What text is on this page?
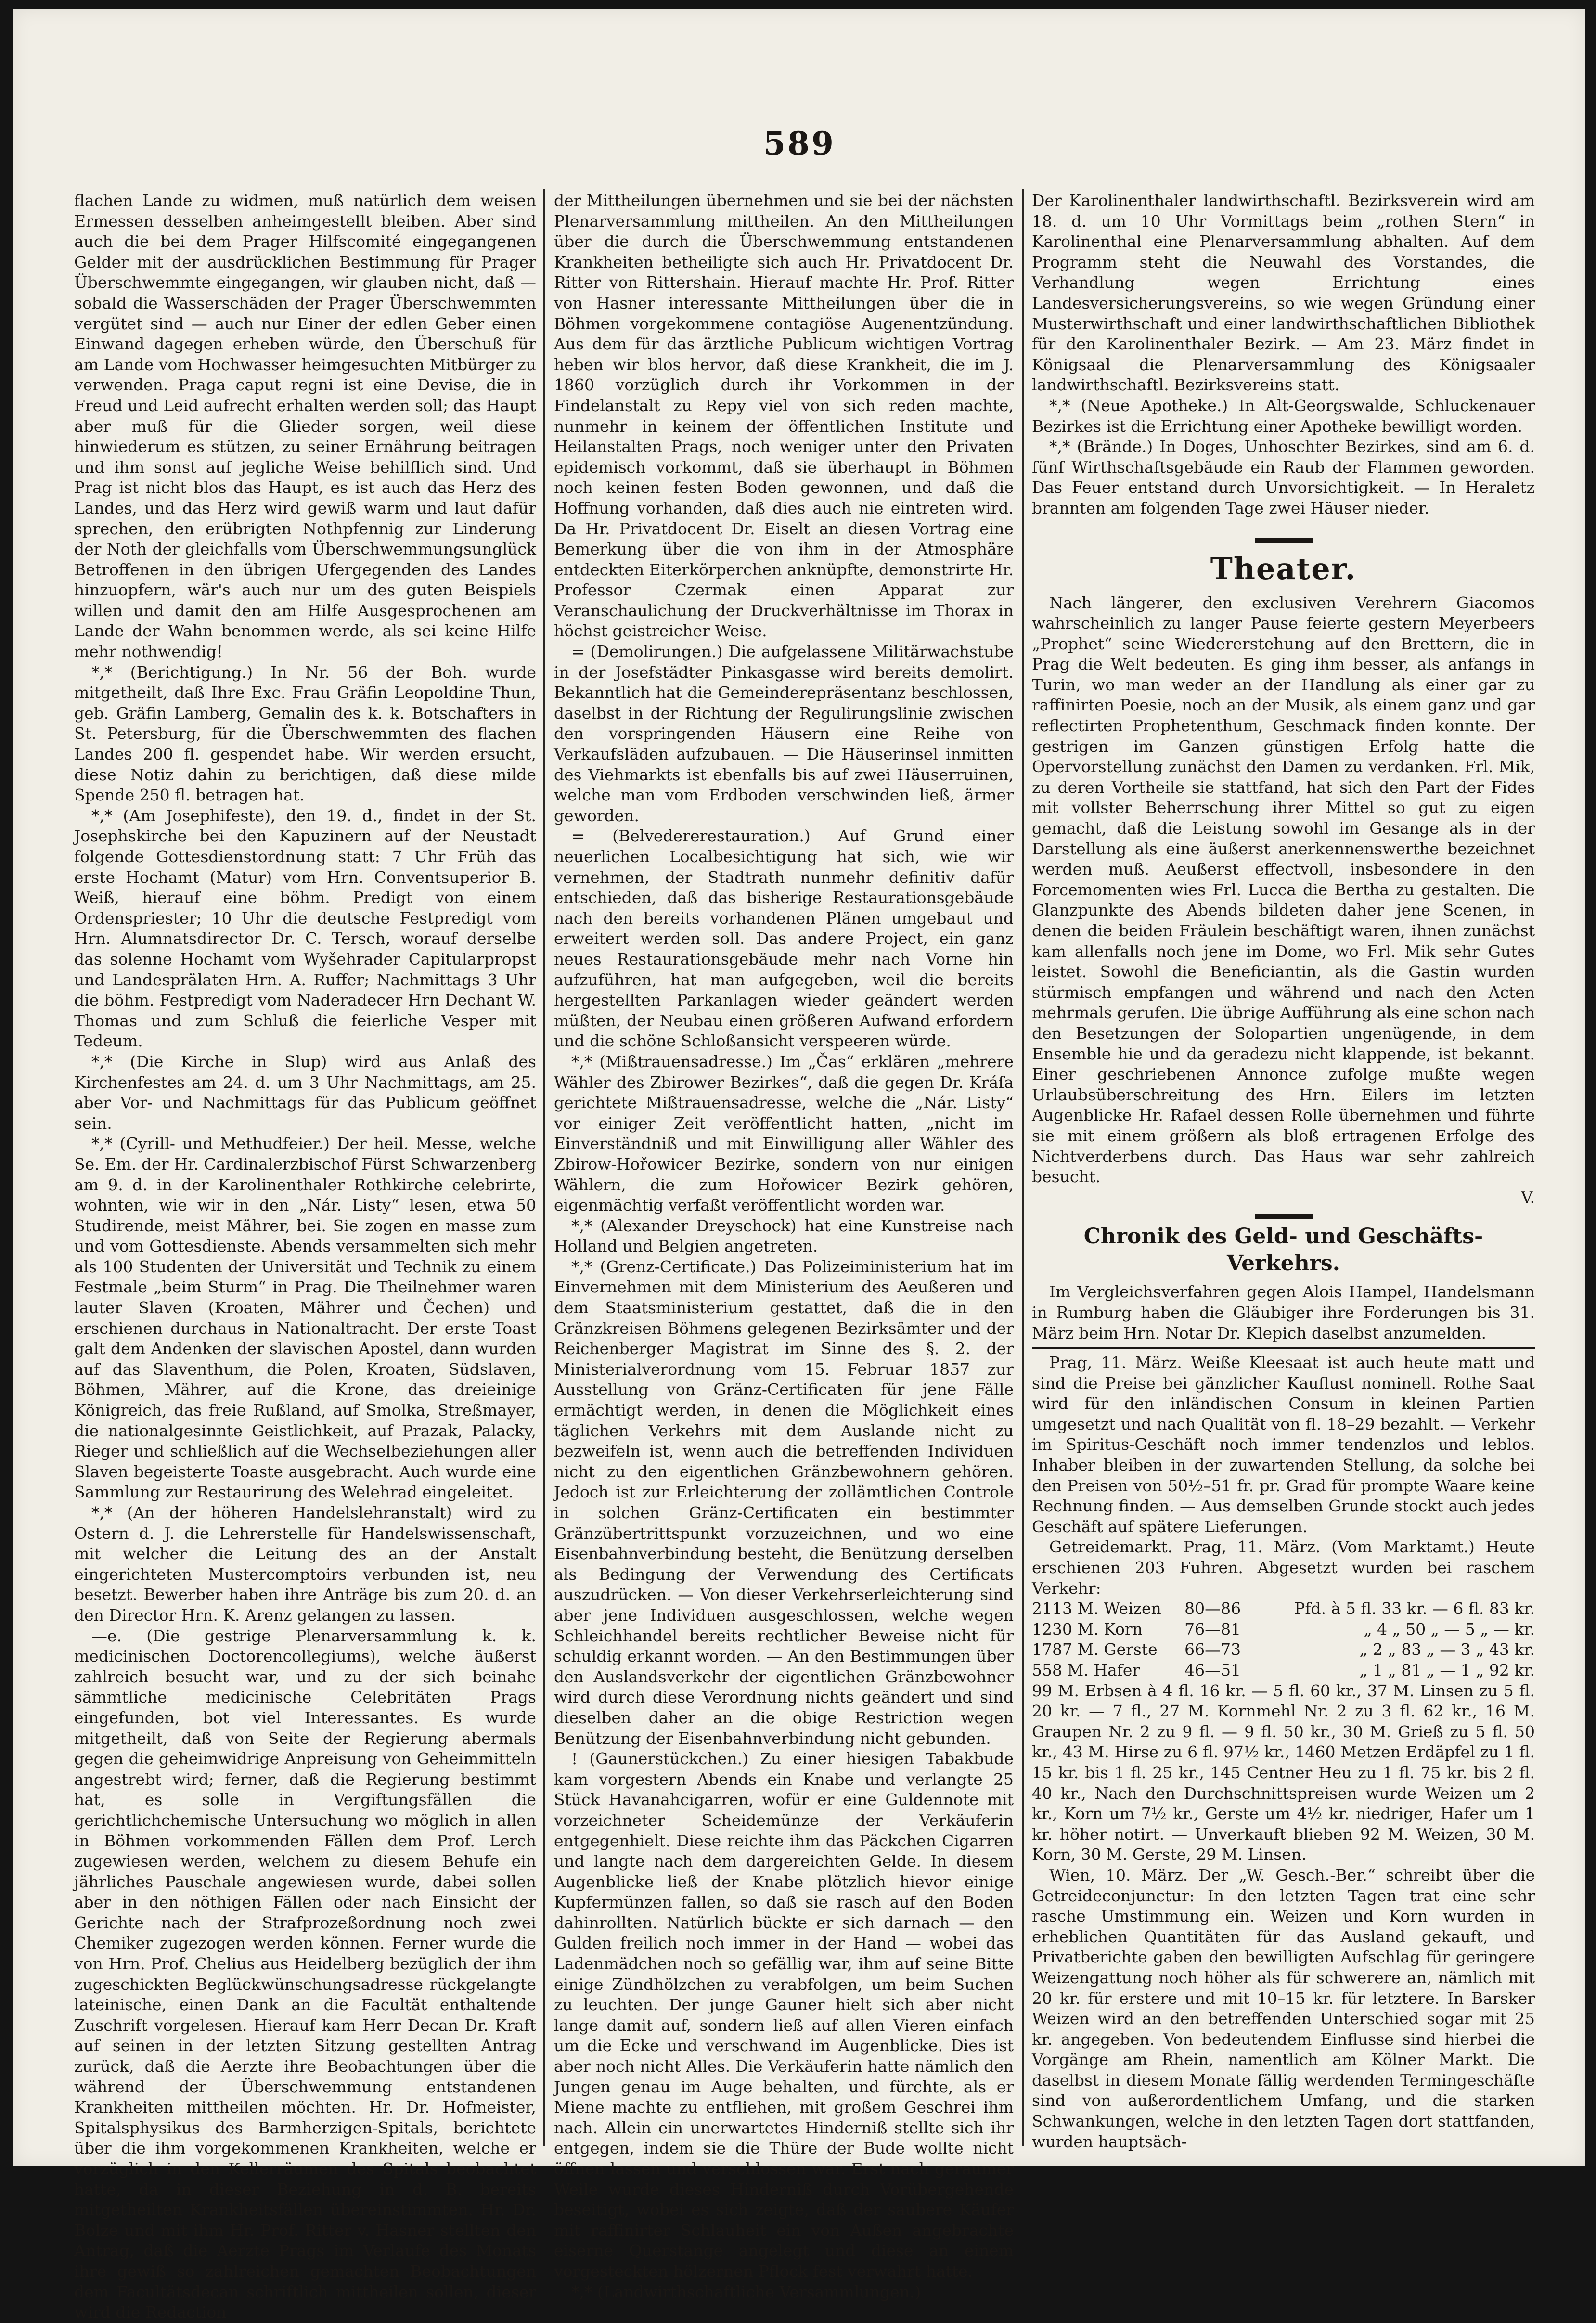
589

flachen Lande zu widmen, muß natürlich dem weisen Ermessen desselben anheimgestellt bleiben. Aber sind auch die bei dem Prager Hilfscomité eingegangenen Gelder mit der ausdrücklichen Bestimmung für Prager Überschwemmte eingegangen, wir glauben nicht, daß — sobald die Wasserschäden der Prager Überschwemmten vergütet sind — auch nur Einer der edlen Geber einen Einwand dagegen erheben würde, den Überschuß für am Lande vom Hochwasser heimgesuchten Mitbürger zu verwenden. Praga caput regni ist eine Devise, die in Freud und Leid aufrecht erhalten werden soll; das Haupt aber muß für die Glieder sorgen, weil diese hinwiederum es stützen, zu seiner Ernährung beitragen und ihm sonst auf jegliche Weise behilflich sind. Und Prag ist nicht blos das Haupt, es ist auch das Herz des Landes, und das Herz wird gewiß warm und laut dafür sprechen, den erübrigten Nothpfennig zur Linderung der Noth der gleichfalls vom Überschwemmungsunglück Betroffenen in den übrigen Ufergegenden des Landes hinzuopfern, wär's auch nur um des guten Beispiels willen und damit den am Hilfe Ausgesprochenen am Lande der Wahn benommen werde, als sei keine Hilfe mehr nothwendig!

*,* (Berichtigung.) In Nr. 56 der Boh. wurde mitgetheilt, daß Ihre Exc. Frau Gräfin Leopoldine Thun, geb. Gräfin Lamberg, Gemalin des k. k. Botschafters in St. Petersburg, für die Überschwemmten des flachen Landes 200 fl. gespendet habe. Wir werden ersucht, diese Notiz dahin zu berichtigen, daß diese milde Spende 250 fl. betragen hat.

*,* (Am Josephifeste), den 19. d., findet in der St. Josephskirche bei den Kapuzinern auf der Neustadt folgende Gottesdienstordnung statt: 7 Uhr Früh das erste Hochamt (Matur) vom Hrn. Conventsuperior B. Weiß, hierauf eine böhm. Predigt von einem Ordenspriester; 10 Uhr die deutsche Festpredigt vom Hrn. Alumnatsdirector Dr. C. Tersch, worauf derselbe das solenne Hochamt vom Wyšehrader Capitularpropst und Landesprälaten Hrn. A. Ruffer; Nachmittags 3 Uhr die böhm. Festpredigt vom Naderadecer Hrn Dechant W. Thomas und zum Schluß die feierliche Vesper mit Tedeum.

*,* (Die Kirche in Slup) wird aus Anlaß des Kirchenfestes am 24. d. um 3 Uhr Nachmittags, am 25. aber Vor- und Nachmittags für das Publicum geöffnet sein.

*,* (Cyrill- und Methudfeier.) Der heil. Messe, welche Se. Em. der Hr. Cardinalerzbischof Fürst Schwarzenberg am 9. d. in der Karolinenthaler Rothkirche celebrirte, wohnten, wie wir in den „Nár. Listy“ lesen, etwa 50 Studirende, meist Mährer, bei. Sie zogen en masse zum und vom Gottesdienste. Abends versammelten sich mehr als 100 Studenten der Universität und Technik zu einem Festmale „beim Sturm“ in Prag. Die Theilnehmer waren lauter Slaven (Kroaten, Mährer und Čechen) und erschienen durchaus in Nationaltracht. Der erste Toast galt dem Andenken der slavischen Apostel, dann wurden auf das Slaventhum, die Polen, Kroaten, Südslaven, Böhmen, Mährer, auf die Krone, das dreieinige Königreich, das freie Rußland, auf Smolka, Streßmayer, die nationalgesinnte Geistlichkeit, auf Prazak, Palacky, Rieger und schließlich auf die Wechselbeziehungen aller Slaven begeisterte Toaste ausgebracht. Auch wurde eine Sammlung zur Restaurirung des Welehrad eingeleitet.

*,* (An der höheren Handelslehranstalt) wird zu Ostern d. J. die Lehrerstelle für Handelswissenschaft, mit welcher die Leitung des an der Anstalt eingerichteten Mustercomptoirs verbunden ist, neu besetzt. Bewerber haben ihre Anträge bis zum 20. d. an den Director Hrn. K. Arenz gelangen zu lassen.

—e. (Die gestrige Plenarversammlung k. k. medicinischen Doctorencollegiums), welche äußerst zahlreich besucht war, und zu der sich beinahe sämmtliche medicinische Celebritäten Prags eingefunden, bot viel Interessantes. Es wurde mitgetheilt, daß von Seite der Regierung abermals gegen die geheimwidrige Anpreisung von Geheimmitteln angestrebt wird; ferner, daß die Regierung bestimmt hat, es solle in Vergiftungsfällen die gerichtlichchemische Untersuchung wo möglich in allen in Böhmen vorkommenden Fällen dem Prof. Lerch zugewiesen werden, welchem zu diesem Behufe ein jährliches Pauschale angewiesen wurde, dabei sollen aber in den nöthigen Fällen oder nach Einsicht der Gerichte nach der Strafprozeßordnung noch zwei Chemiker zugezogen werden können. Ferner wurde die von Hrn. Prof. Chelius aus Heidelberg bezüglich der ihm zugeschickten Beglückwünschungsadresse rückgelangte lateinische, einen Dank an die Facultät enthaltende Zuschrift vorgelesen. Hierauf kam Herr Decan Dr. Kraft auf seinen in der letzten Sitzung gestellten Antrag zurück, daß die Aerzte ihre Beobachtungen über die während der Überschwemmung entstandenen Krankheiten mittheilen möchten. Hr. Dr. Hofmeister, Spitalsphysikus des Barmherzigen-Spitals, berichtete über die ihm vorgekommenen Krankheiten, welche er vorzüglich in den Kellerräumen des Spitals beobachtet hatte, da in dieser Beziehung in d. B. bereits mitgetheilten Krankheitsfällen übereinstimmten. Hr. Dr. Bolze und mit ihm Hr. Prof. Ritter v. Hasner stellten den Antrag, daß die Aerzte Prags im Verlaufe des Monats ihre gewiß so zahlreichen gemachten Beobachtungen dem Facultätsdecan schriftlich mittheilen sollen, dieser wird die Redaction

der Mittheilungen übernehmen und sie bei der nächsten Plenarversammlung mittheilen. An den Mittheilungen über die durch die Überschwemmung entstandenen Krankheiten betheiligte sich auch Hr. Privatdocent Dr. Ritter von Rittershain. Hierauf machte Hr. Prof. Ritter von Hasner interessante Mittheilungen über die in Böhmen vorgekommene contagiöse Augenentzündung. Aus dem für das ärztliche Publicum wichtigen Vortrag heben wir blos hervor, daß diese Krankheit, die im J. 1860 vorzüglich durch ihr Vorkommen in der Findelanstalt zu Repy viel von sich reden machte, nunmehr in keinem der öffentlichen Institute und Heilanstalten Prags, noch weniger unter den Privaten epidemisch vorkommt, daß sie überhaupt in Böhmen noch keinen festen Boden gewonnen, und daß die Hoffnung vorhanden, daß dies auch nie eintreten wird. Da Hr. Privatdocent Dr. Eiselt an diesen Vortrag eine Bemerkung über die von ihm in der Atmosphäre entdeckten Eiterkörperchen anknüpfte, demonstrirte Hr. Professor Czermak einen Apparat zur Veranschaulichung der Druckverhältnisse im Thorax in höchst geistreicher Weise.

= (Demolirungen.) Die aufgelassene Militärwachstube in der Josefstädter Pinkasgasse wird bereits demolirt. Bekanntlich hat die Gemeinderepräsentanz beschlossen, daselbst in der Richtung der Regulirungslinie zwischen den vorspringenden Häusern eine Reihe von Verkaufsläden aufzubauen. — Die Häuserinsel inmitten des Viehmarkts ist ebenfalls bis auf zwei Häuserruinen, welche man vom Erdboden verschwinden ließ, ärmer geworden.

= (Belvedererestauration.) Auf Grund einer neuerlichen Localbesichtigung hat sich, wie wir vernehmen, der Stadtrath nunmehr definitiv dafür entschieden, daß das bisherige Restaurationsgebäude nach den bereits vorhandenen Plänen umgebaut und erweitert werden soll. Das andere Project, ein ganz neues Restaurationsgebäude mehr nach Vorne hin aufzuführen, hat man aufgegeben, weil die bereits hergestellten Parkanlagen wieder geändert werden müßten, der Neubau einen größeren Aufwand erfordern und die schöne Schloßansicht verspeeren würde.

*,* (Mißtrauensadresse.) Im „Čas“ erklären „mehrere Wähler des Zbirower Bezirkes“, daß die gegen Dr. Kráſa gerichtete Mißtrauensadresse, welche die „Nár. Listy“ vor einiger Zeit veröffentlicht hatten, „nicht im Einverständniß und mit Einwilligung aller Wähler des Zbirow-Hořowicer Bezirke, sondern von nur einigen Wählern, die zum Hořowicer Bezirk gehören, eigenmächtig verfaßt veröffentlicht worden war.

*,* (Alexander Dreyschock) hat eine Kunstreise nach Holland und Belgien angetreten.

*,* (Grenz-Certificate.) Das Polizeiministerium hat im Einvernehmen mit dem Ministerium des Aeußeren und dem Staatsministerium gestattet, daß die in den Gränzkreisen Böhmens gelegenen Bezirksämter und der Reichenberger Magistrat im Sinne des §. 2. der Ministerialverordnung vom 15. Februar 1857 zur Ausstellung von Gränz-Certificaten für jene Fälle ermächtigt werden, in denen die Möglichkeit eines täglichen Verkehrs mit dem Auslande nicht zu bezweifeln ist, wenn auch die betreffenden Individuen nicht zu den eigentlichen Gränzbewohnern gehören. Jedoch ist zur Erleichterung der zollämtlichen Controle in solchen Gränz-Certificaten ein bestimmter Gränzübertrittspunkt vorzuzeichnen, und wo eine Eisenbahnverbindung besteht, die Benützung derselben als Bedingung der Verwendung des Certificats auszudrücken. — Von dieser Verkehrserleichterung sind aber jene Individuen ausgeschlossen, welche wegen Schleichhandel bereits rechtlicher Beweise nicht für schuldig erkannt worden. — An den Bestimmungen über den Auslandsverkehr der eigentlichen Gränzbewohner wird durch diese Verordnung nichts geändert und sind dieselben daher an die obige Restriction wegen Benützung der Eisenbahnverbindung nicht gebunden.

! (Gaunerstückchen.) Zu einer hiesigen Tabakbude kam vorgestern Abends ein Knabe und verlangte 25 Stück Havanahcigarren, wofür er eine Guldennote mit vorzeichneter Scheidemünze der Verkäuferin entgegenhielt. Diese reichte ihm das Päckchen Cigarren und langte nach dem dargereichten Gelde. In diesem Augenblicke ließ der Knabe plötzlich hievor einige Kupfermünzen fallen, so daß sie rasch auf den Boden dahinrollten. Natürlich bückte er sich darnach — den Gulden freilich noch immer in der Hand — wobei das Ladenmädchen noch so gefällig war, ihm auf seine Bitte einige Zündhölzchen zu verabfolgen, um beim Suchen zu leuchten. Der junge Gauner hielt sich aber nicht lange damit auf, sondern ließ auf allen Vieren einfach um die Ecke und verschwand im Augenblicke. Dies ist aber noch nicht Alles. Die Verkäuferin hatte nämlich den Jungen genau im Auge behalten, und fürchte, als er Miene machte zu entfliehen, mit großem Geschrei ihm nach. Allein ein unerwartetes Hinderniß stellte sich ihr entgegen, indem sie die Thüre der Bude wollte nicht öffnen lassen und verschlossen war. Erst nach geraumer Weile wurde dieses Hinderniß durch Vorübergehende beseitigt, wobei es sich zeigte, daß der saubere Käufer mit raffinirter Schlauheit ein von Außen angebrachte eiserne Querstange angelegt und diese an einem vorgesteckten hölzernen Pflock fest verwahrt hatte.

*,* (Landwirthschaftliche Versammlungen.)

Der Karolinenthaler landwirthschaftl. Bezirksverein wird am 18. d. um 10 Uhr Vormittags beim „rothen Stern“ in Karolinenthal eine Plenarversammlung abhalten. Auf dem Programm steht die Neuwahl des Vorstandes, die Verhandlung wegen Errichtung eines Landesversicherungsvereins, so wie wegen Gründung einer Musterwirthschaft und einer landwirthschaftlichen Bibliothek für den Karolinenthaler Bezirk. — Am 23. März findet in Königsaal die Plenarversammlung des Königsaaler landwirthschaftl. Bezirksvereins statt.

*,* (Neue Apotheke.) In Alt-Georgswalde, Schluckenauer Bezirkes ist die Errichtung einer Apotheke bewilligt worden.

*,* (Brände.) In Doges, Unhoschter Bezirkes, sind am 6. d. fünf Wirthschaftsgebäude ein Raub der Flammen geworden. Das Feuer entstand durch Unvorsichtigkeit. — In Heraletz brannten am folgenden Tage zwei Häuser nieder.

Theater.

Nach längerer, den exclusiven Verehrern Giacomos wahrscheinlich zu langer Pause feierte gestern Meyerbeers „Prophet“ seine Wiedererstehung auf den Brettern, die in Prag die Welt bedeuten. Es ging ihm besser, als anfangs in Turin, wo man weder an der Handlung als einer gar zu raffinirten Poesie, noch an der Musik, als einem ganz und gar reflectirten Prophetenthum, Geschmack finden konnte. Der gestrigen im Ganzen günstigen Erfolg hatte die Opervorstellung zunächst den Damen zu verdanken. Frl. Mik, zu deren Vortheile sie stattfand, hat sich den Part der Fides mit vollster Beherrschung ihrer Mittel so gut zu eigen gemacht, daß die Leistung sowohl im Gesange als in der Darstellung als eine äußerst anerkennenswerthe bezeichnet werden muß. Aeußerst effectvoll, insbesondere in den Forcemomenten wies Frl. Lucca die Bertha zu gestalten. Die Glanzpunkte des Abends bildeten daher jene Scenen, in denen die beiden Fräulein beschäftigt waren, ihnen zunächst kam allenfalls noch jene im Dome, wo Frl. Mik sehr Gutes leistet. Sowohl die Beneficiantin, als die Gastin wurden stürmisch empfangen und während und nach den Acten mehrmals gerufen. Die übrige Aufführung als eine schon nach den Besetzungen der Solopartien ungenügende, in dem Ensemble hie und da geradezu nicht klappende, ist bekannt. Einer geschriebenen Annonce zufolge mußte wegen Urlaubsüberschreitung des Hrn. Eilers im letzten Augenblicke Hr. Rafael dessen Rolle übernehmen und führte sie mit einem größern als bloß ertragenen Erfolge des Nichtverderbens durch. Das Haus war sehr zahlreich besucht.

V.
Chronik des Geld- und Geschäfts-Verkehrs.

Im Vergleichsverfahren gegen Alois Hampel, Handelsmann in Rumburg haben die Gläubiger ihre Forderungen bis 31. März beim Hrn. Notar Dr. Klepich daselbst anzumelden.

Prag, 11. März. Weiße Kleesaat ist auch heute matt und sind die Preise bei gänzlicher Kauflust nominell. Rothe Saat wird für den inländischen Consum in kleinen Partien umgesetzt und nach Qualität von fl. 18–29 bezahlt. — Verkehr im Spiritus-Geschäft noch immer tendenzlos und leblos. Inhaber bleiben in der zuwartenden Stellung, da solche bei den Preisen von 50½–51 fr. pr. Grad für prompte Waare keine Rechnung finden. — Aus demselben Grunde stockt auch jedes Geschäft auf spätere Lieferungen.

Getreidemarkt. Prag, 11. März. (Vom Marktamt.) Heute erschienen 203 Fuhren. Abgesetzt wurden bei raschem Verkehr:

2113 M. Weizen	80—86	Pfd. à 5 fl. 33 kr. — 6 fl. 83 kr.
1230 M. Korn	76—81	„ 4 „ 50 „ — 5 „ — kr.
1787 M. Gerste	66—73	„ 2 „ 83 „ — 3 „ 43 kr.
558 M. Hafer	46—51	„ 1 „ 81 „ — 1 „ 92 kr.

99 M. Erbsen à 4 fl. 16 kr. — 5 fl. 60 kr., 37 M. Linsen zu 5 fl. 20 kr. — 7 fl., 27 M. Kornmehl Nr. 2 zu 3 fl. 62 kr., 16 M. Graupen Nr. 2 zu 9 fl. — 9 fl. 50 kr., 30 M. Grieß zu 5 fl. 50 kr., 43 M. Hirse zu 6 fl. 97½ kr., 1460 Metzen Erdäpfel zu 1 fl. 15 kr. bis 1 fl. 25 kr., 145 Centner Heu zu 1 fl. 75 kr. bis 2 fl. 40 kr., Nach den Durchschnittspreisen wurde Weizen um 2 kr., Korn um 7½ kr., Gerste um 4½ kr. niedriger, Hafer um 1 kr. höher notirt. — Unverkauft blieben 92 M. Weizen, 30 M. Korn, 30 M. Gerste, 29 M. Linsen.

Wien, 10. März. Der „W. Gesch.-Ber.“ schreibt über die Getreideconjunctur: In den letzten Tagen trat eine sehr rasche Umstimmung ein. Weizen und Korn wurden in erheblichen Quantitäten für das Ausland gekauft, und Privatberichte gaben den bewilligten Aufschlag für geringere Weizengattung noch höher als für schwerere an, nämlich mit 20 kr. für erstere und mit 10–15 kr. für letztere. In Barsker Weizen wird an den betreffenden Unterschied sogar mit 25 kr. angegeben. Von bedeutendem Einflusse sind hierbei die Vorgänge am Rhein, namentlich am Kölner Markt. Die daselbst in diesem Monate fällig werdenden Termingeschäfte sind von außerordentlichem Umfang, und die starken Schwankungen, welche in den letzten Tagen dort stattfanden, wurden hauptsäch-
